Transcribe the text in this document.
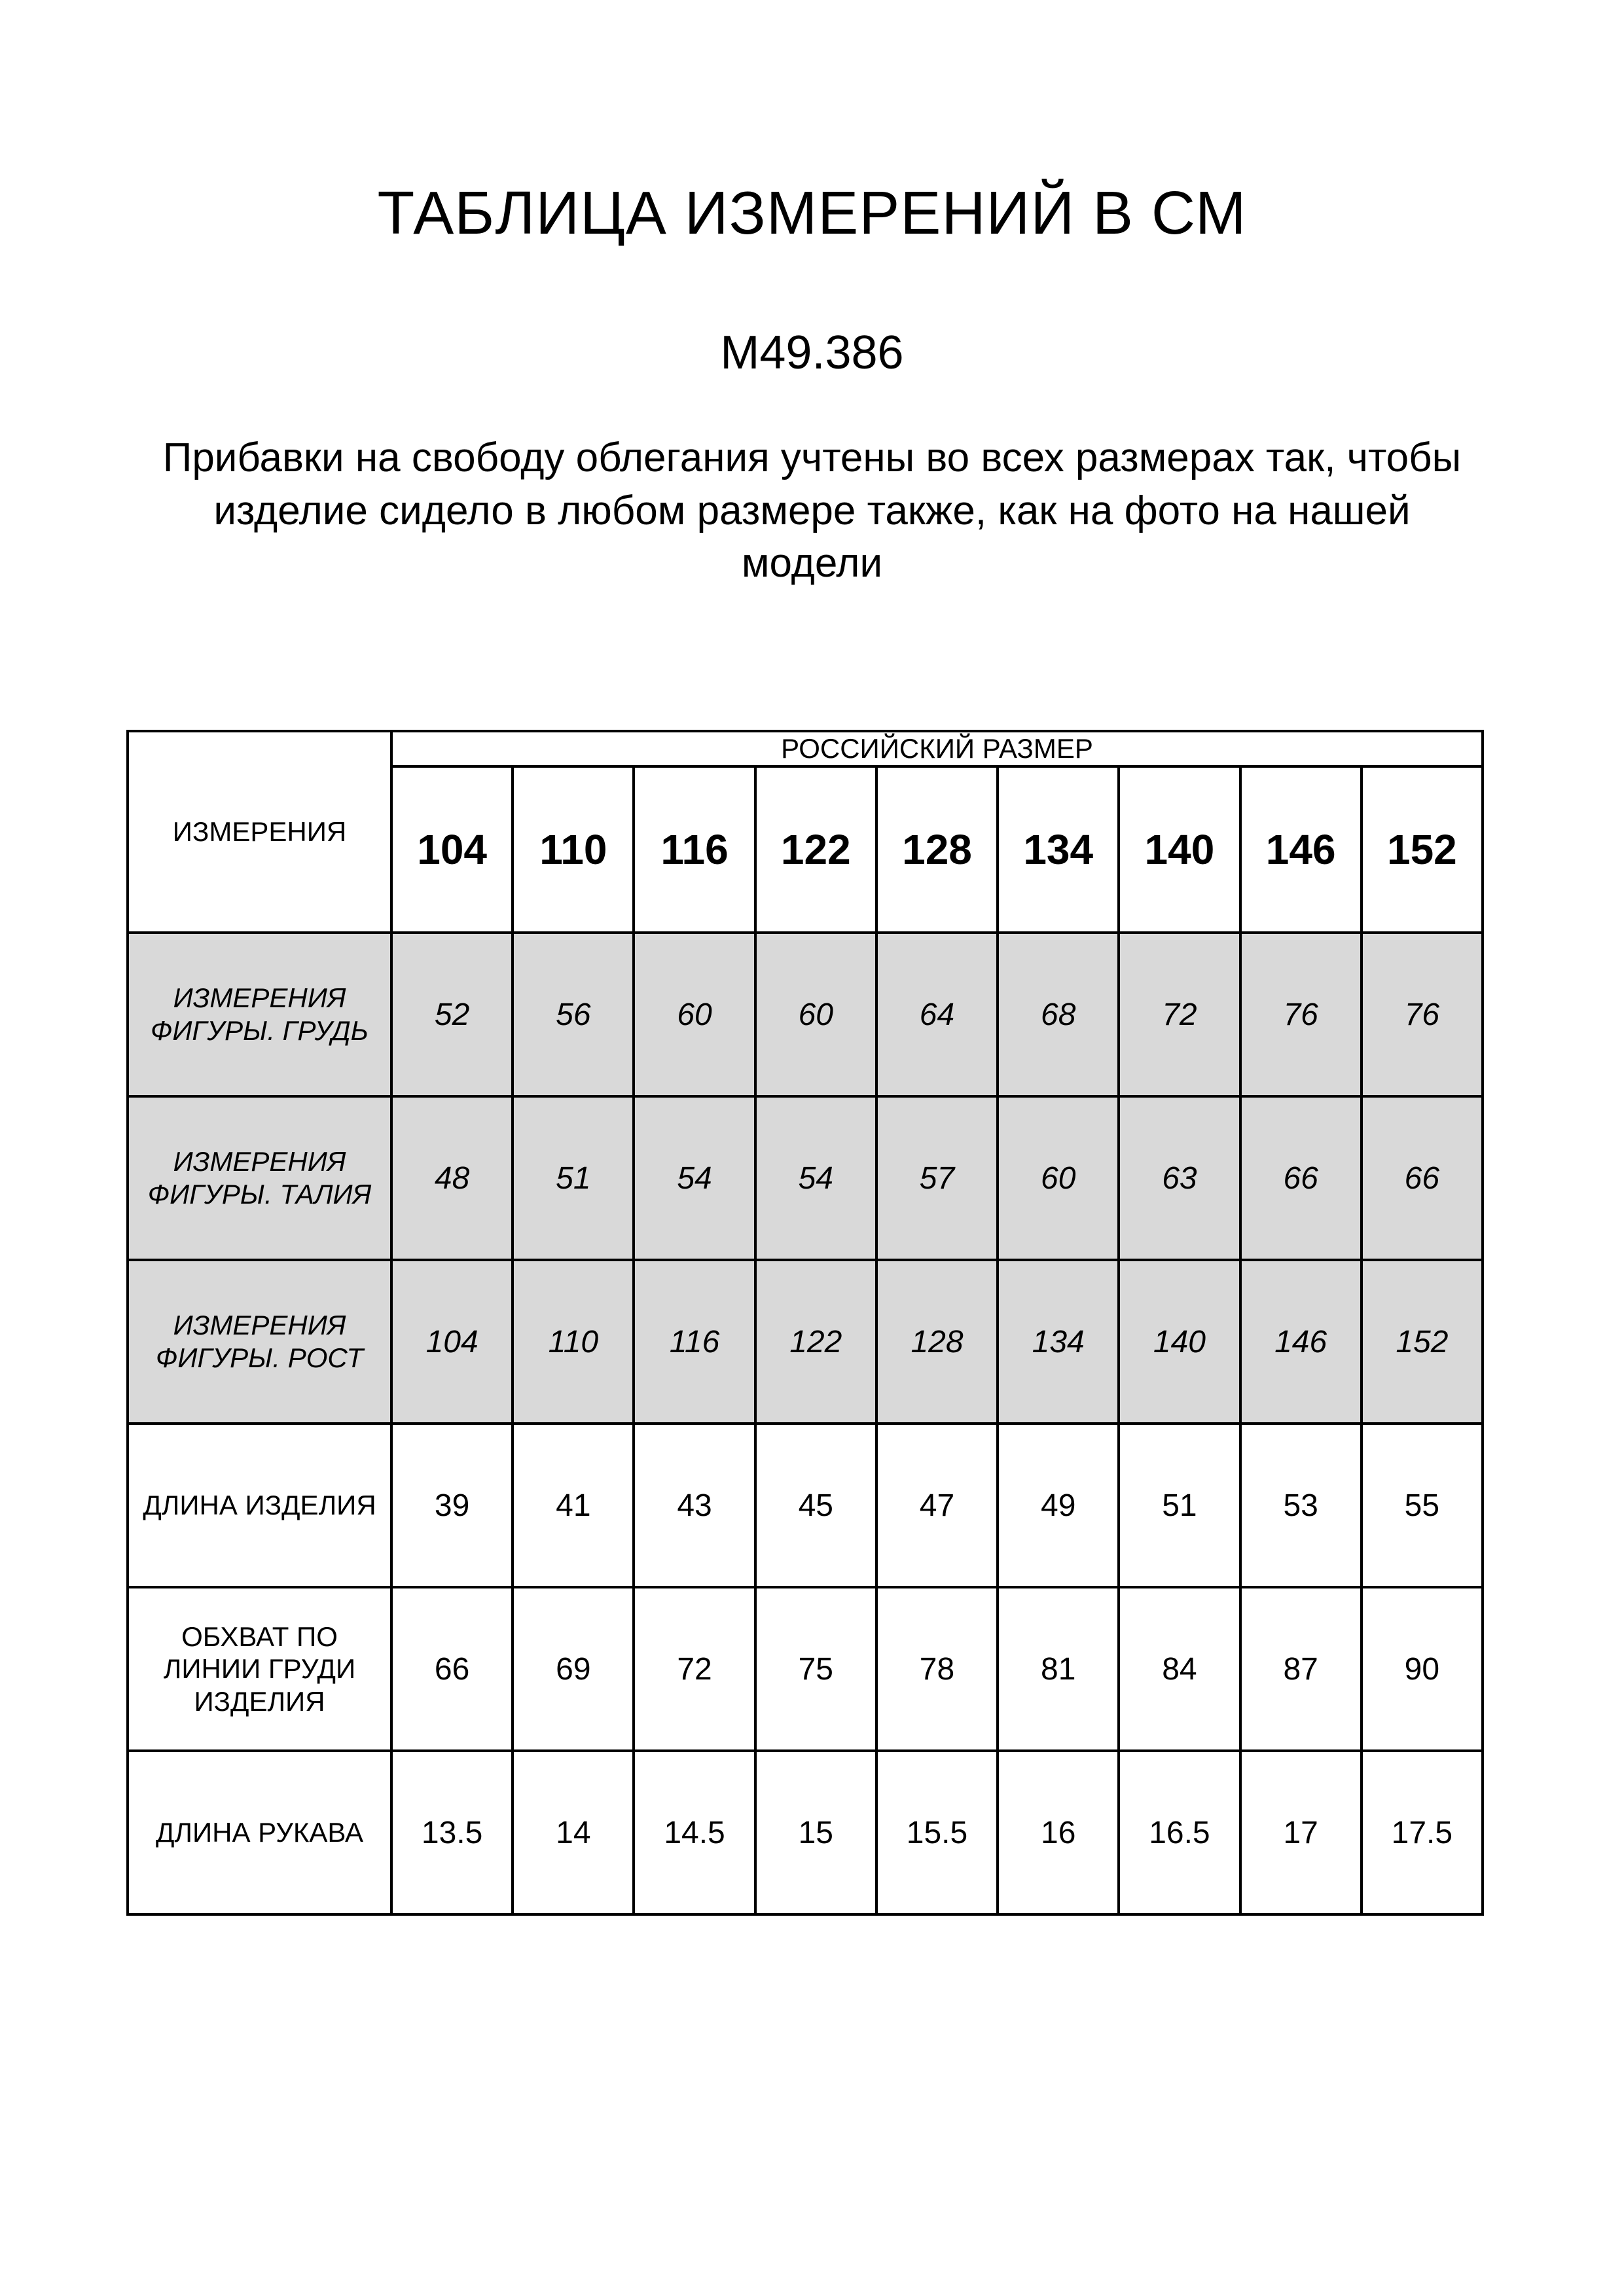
ТАБЛИЦА ИЗМЕРЕНИЙ В СМ
М49.386

Прибавки на свободу облегания учтены во всех размерах так, чтобы изделие сидело в любом размере также, как на фото на нашей модели

ИЗМЕРЕНИЯ	РОССИЙСКИЙ РАЗМЕР								
	104	110	116	122	128	134	140	146	152
ИЗМЕРЕНИЯ ФИГУРЫ. ГРУДЬ	52	56	60	60	64	68	72	76	76
ИЗМЕРЕНИЯ ФИГУРЫ. ТАЛИЯ	48	51	54	54	57	60	63	66	66
ИЗМЕРЕНИЯ ФИГУРЫ. РОСТ	104	110	116	122	128	134	140	146	152
ДЛИНА ИЗДЕЛИЯ	39	41	43	45	47	49	51	53	55
ОБХВАТ ПО ЛИНИИ ГРУДИ ИЗДЕЛИЯ	66	69	72	75	78	81	84	87	90
ДЛИНА РУКАВА	13.5	14	14.5	15	15.5	16	16.5	17	17.5
